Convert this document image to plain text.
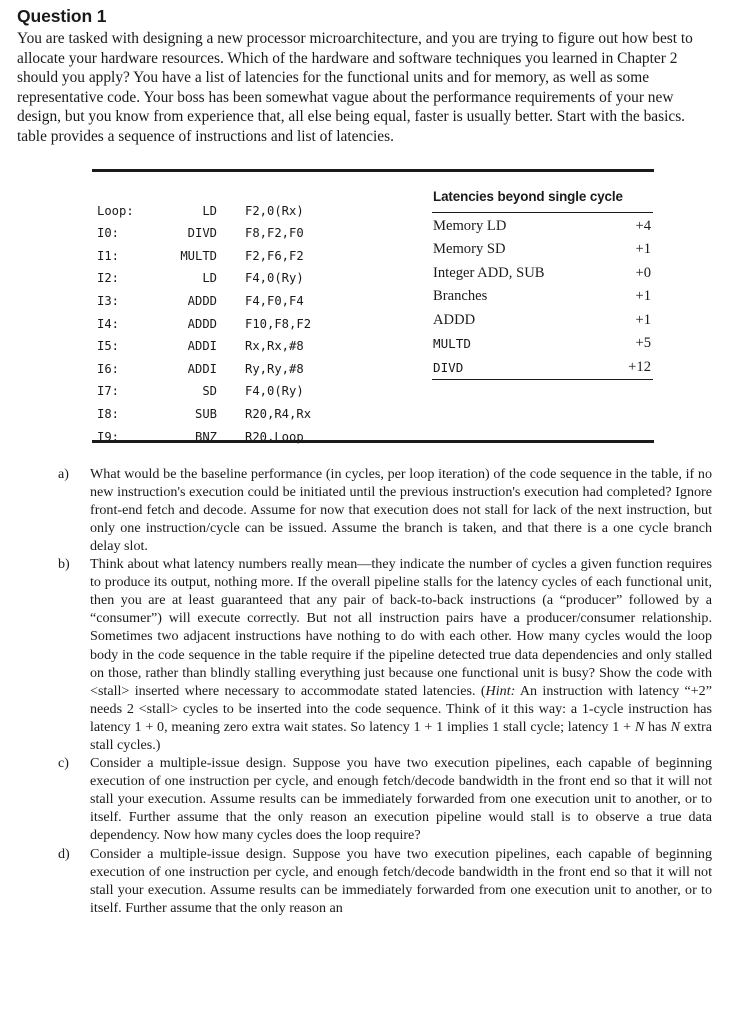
Question 1

You are tasked with designing a new processor microarchitecture, and you are trying to figure out how best to allocate your hardware resources. Which of the hardware and software techniques you learned in Chapter 2 should you apply? You have a list of latencies for the functional units and for memory, as well as some representative code. Your boss has been somewhat vague about the performance requirements of your new design, but you know from experience that, all else being equal, faster is usually better. Start with the basics. table provides a sequence of instructions and list of latencies.

Loop:	LD	F2,0(Rx)
I0:	DIVD	F8,F2,F0
I1:	MULTD	F2,F6,F2
I2:	LD	F4,0(Ry)
I3:	ADDD	F4,F0,F4
I4:	ADDD	F10,F8,F2
I5:	ADDI	Rx,Rx,#8
I6:	ADDI	Ry,Ry,#8
I7:	SD	F4,0(Ry)
I8:	SUB	R20,R4,Rx
I9:	BNZ	R20,Loop
Latencies beyond single cycle
Memory LD	+4
Memory SD	+1
Integer ADD, SUB	+0
Branches	+1
ADDD	+1
MULTD	+5
DIVD	+12
a)	What would be the baseline performance (in cycles, per loop iteration) of the code sequence in the table, if no new instruction's execution could be initiated until the previous instruction's execution had completed? Ignore front-end fetch and decode. Assume for now that execution does not stall for lack of the next instruction, but only one instruction/cycle can be issued. Assume the branch is taken, and that there is a one cycle branch delay slot.
b)	Think about what latency numbers really mean—they indicate the number of cycles a given function requires to produce its output, nothing more. If the overall pipeline stalls for the latency cycles of each functional unit, then you are at least guaranteed that any pair of back-to-back instructions (a “producer” followed by a “consumer”) will execute correctly. But not all instruction pairs have a producer/consumer relationship. Sometimes two adjacent instructions have nothing to do with each other. How many cycles would the loop body in the code sequence in the table require if the pipeline detected true data dependencies and only stalled on those, rather than blindly stalling everything just because one functional unit is busy? Show the code with <stall> inserted where necessary to accommodate stated latencies. (Hint: An instruction with latency “+2” needs 2 <stall> cycles to be inserted into the code sequence. Think of it this way: a 1-cycle instruction has latency 1 + 0, meaning zero extra wait states. So latency 1 + 1 implies 1 stall cycle; latency 1 + N has N extra stall cycles.)
c)	Consider a multiple-issue design. Suppose you have two execution pipelines, each capable of beginning execution of one instruction per cycle, and enough fetch/decode bandwidth in the front end so that it will not stall your execution. Assume results can be immediately forwarded from one execution unit to another, or to itself. Further assume that the only reason an execution pipeline would stall is to observe a true data dependency. Now how many cycles does the loop require?
d)	Consider a multiple-issue design. Suppose you have two execution pipelines, each capable of beginning execution of one instruction per cycle, and enough fetch/decode bandwidth in the front end so that it will not stall your execution. Assume results can be immediately forwarded from one execution unit to another, or to itself. Further assume that the only reason an
